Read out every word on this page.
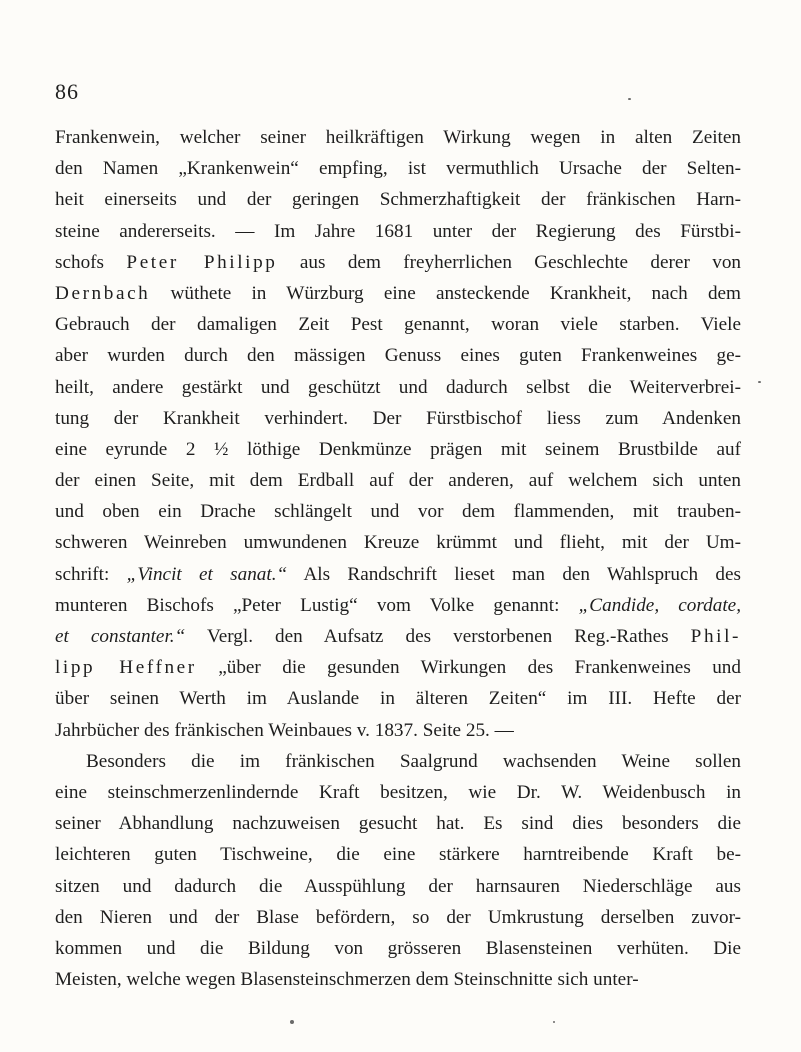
86
Frankenwein, welcher seiner heilkräftigen Wirkung wegen in alten Zeiten
den Namen „Krankenwein“ empfing, ist vermuthlich Ursache der Selten-
heit einerseits und der geringen Schmerzhaftigkeit der fränkischen Harn-
steine andererseits. — Im Jahre 1681 unter der Regierung des Fürstbi-
schofs Peter Philipp aus dem freyherrlichen Geschlechte derer von
Dernbach wüthete in Würzburg eine ansteckende Krankheit, nach dem
Gebrauch der damaligen Zeit Pest genannt, woran viele starben. Viele
aber wurden durch den mässigen Genuss eines guten Frankenweines ge-
heilt, andere gestärkt und geschützt und dadurch selbst die Weiterverbrei-
tung der Krankheit verhindert. Der Fürstbischof liess zum Andenken
eine eyrunde 2 ½ löthige Denkmünze prägen mit seinem Brustbilde auf
der einen Seite, mit dem Erdball auf der anderen, auf welchem sich unten
und oben ein Drache schlängelt und vor dem flammenden, mit trauben-
schweren Weinreben umwundenen Kreuze krümmt und flieht, mit der Um-
schrift: „Vincit et sanat.“ Als Randschrift lieset man den Wahlspruch des
munteren Bischofs „Peter Lustig“ vom Volke genannt: „Candide, cordate,
et constanter.“ Vergl. den Aufsatz des verstorbenen Reg.-Rathes Phil-
lipp Heffner „über die gesunden Wirkungen des Frankenweines und
über seinen Werth im Auslande in älteren Zeiten“ im III. Hefte der
Jahrbücher des fränkischen Weinbaues v. 1837. Seite 25. —
Besonders die im fränkischen Saalgrund wachsenden Weine sollen
eine steinschmerzenlindernde Kraft besitzen, wie Dr. W. Weidenbusch in
seiner Abhandlung nachzuweisen gesucht hat. Es sind dies besonders die
leichteren guten Tischweine, die eine stärkere harntreibende Kraft be-
sitzen und dadurch die Ausspühlung der harnsauren Niederschläge aus
den Nieren und der Blase befördern, so der Umkrustung derselben zuvor-
kommen und die Bildung von grösseren Blasensteinen verhüten. Die
Meisten, welche wegen Blasensteinschmerzen dem Steinschnitte sich unter-
